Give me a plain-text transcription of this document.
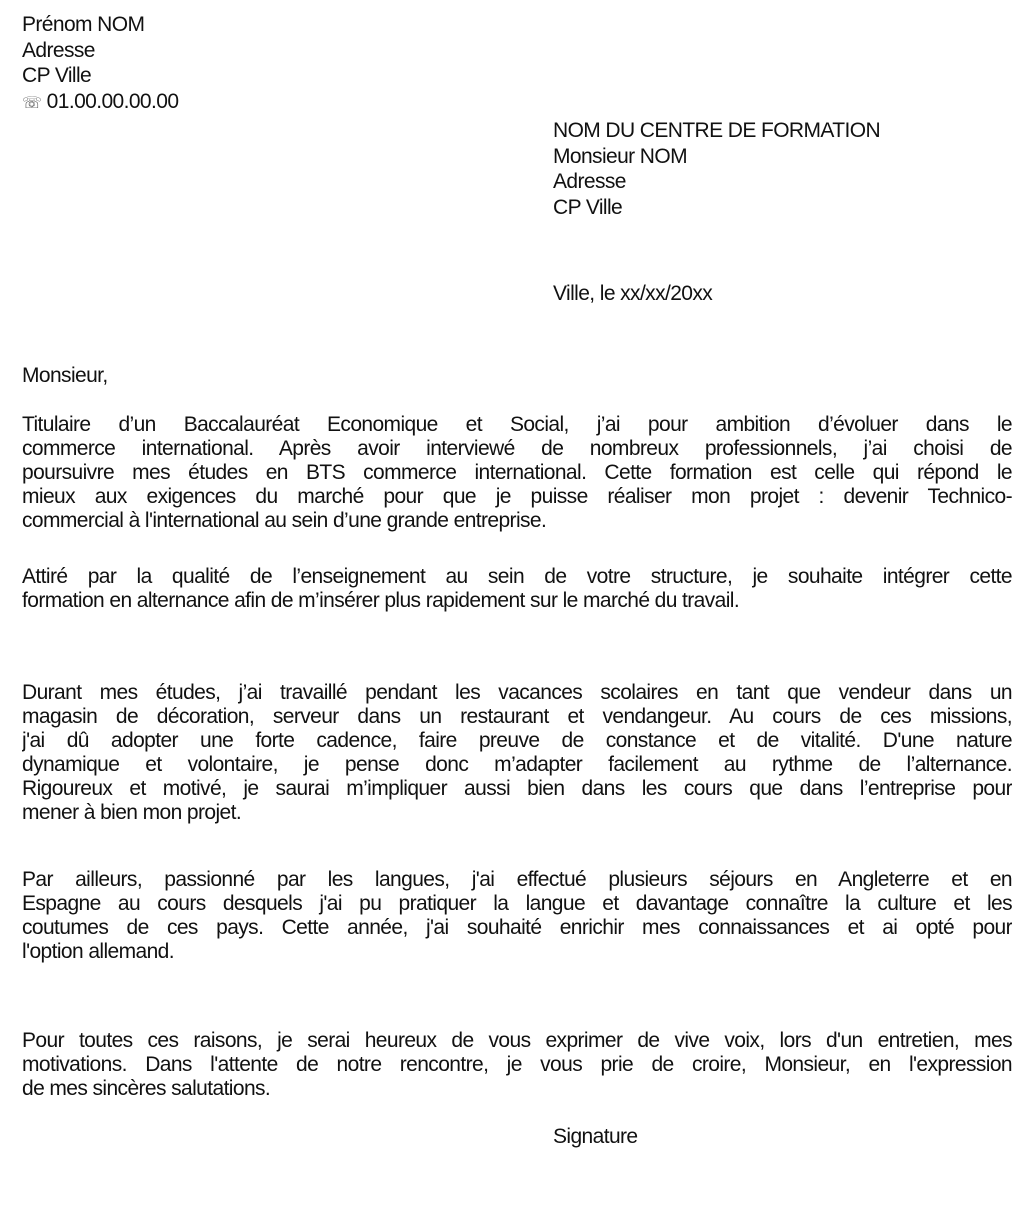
Prénom NOM
Adresse
CP Ville
☏ 01.00.00.00.00
NOM DU CENTRE DE FORMATION
Monsieur NOM
Adresse
CP Ville
Ville, le xx/xx/20xx
Monsieur,
Titulaire d’un Baccalauréat Economique et Social, j’ai pour ambition d’évoluer dans le
commerce international. Après avoir interviewé de nombreux professionnels, j’ai choisi de
poursuivre mes études en BTS commerce international. Cette formation est celle qui répond le
mieux aux exigences du marché pour que je puisse réaliser mon projet : devenir Technico-
commercial à l'international au sein d’une grande entreprise.
Attiré par la qualité de l’enseignement au sein de votre structure, je souhaite intégrer cette
formation en alternance afin de m’insérer plus rapidement sur le marché du travail.
Durant mes études, j’ai travaillé pendant les vacances scolaires en tant que vendeur dans un
magasin de décoration, serveur dans un restaurant et vendangeur. Au cours de ces missions,
j'ai dû adopter une forte cadence, faire preuve de constance et de vitalité. D'une nature
dynamique et volontaire, je pense donc m’adapter facilement au rythme de l’alternance.
Rigoureux et motivé, je saurai m’impliquer aussi bien dans les cours que dans l’entreprise pour
mener à bien mon projet.
Par ailleurs, passionné par les langues, j'ai effectué plusieurs séjours en Angleterre et en
Espagne au cours desquels j'ai pu pratiquer la langue et davantage connaître la culture et les
coutumes de ces pays. Cette année, j'ai souhaité enrichir mes connaissances et ai opté pour
l'option allemand.
Pour toutes ces raisons, je serai heureux de vous exprimer de vive voix, lors d'un entretien, mes
motivations. Dans l'attente de notre rencontre, je vous prie de croire, Monsieur, en l'expression
de mes sincères salutations.
Signature
